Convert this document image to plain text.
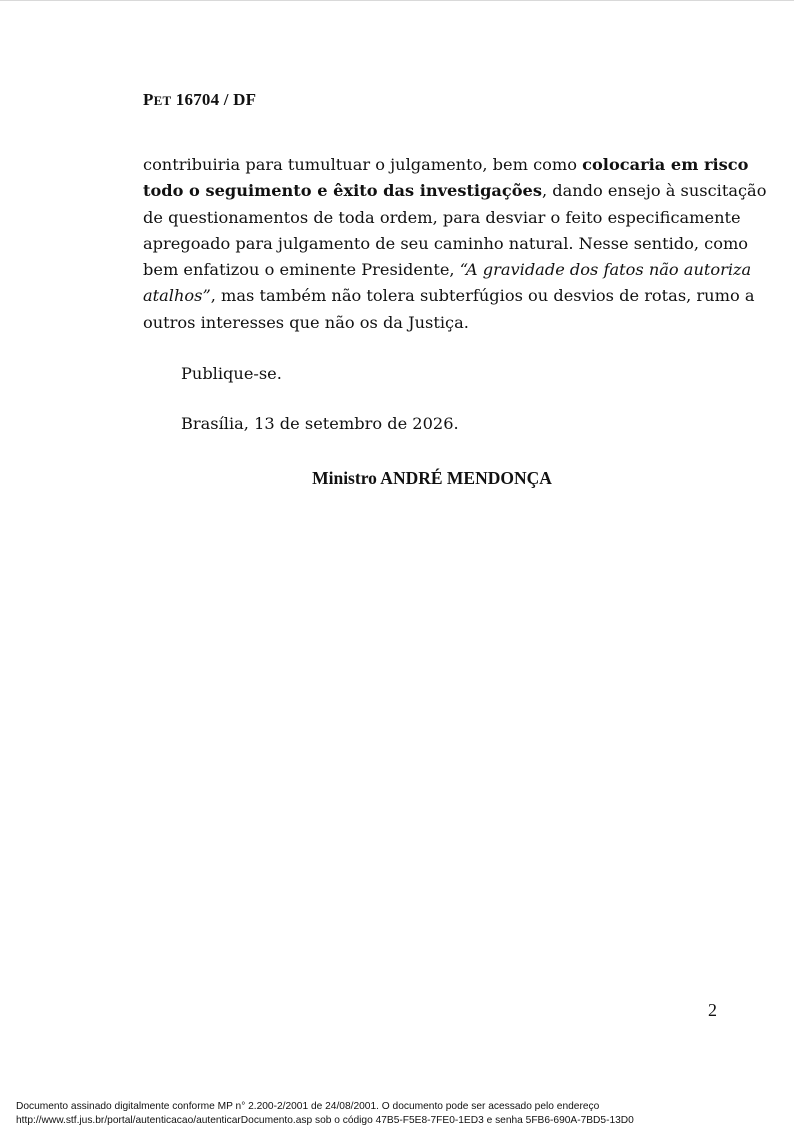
PET 16704 / DF
contribuiria para tumultuar o julgamento, bem como colocaria em risco
todo o seguimento e êxito das investigações, dando ensejo à suscitação
de questionamentos de toda ordem, para desviar o feito especificamente
apregoado para julgamento de seu caminho natural. Nesse sentido, como
bem enfatizou o eminente Presidente, “A gravidade dos fatos não autoriza
atalhos”, mas também não tolera subterfúgios ou desvios de rotas, rumo a
outros interesses que não os da Justiça.
Publique-se.
Brasília, 13 de setembro de 2026.
Ministro ANDRÉ MENDONÇA
2
Documento assinado digitalmente conforme MP n° 2.200-2/2001 de 24/08/2001. O documento pode ser acessado pelo endereço
http://www.stf.jus.br/portal/autenticacao/autenticarDocumento.asp sob o código 47B5-F5E8-7FE0-1ED3 e senha 5FB6-690A-7BD5-13D0
